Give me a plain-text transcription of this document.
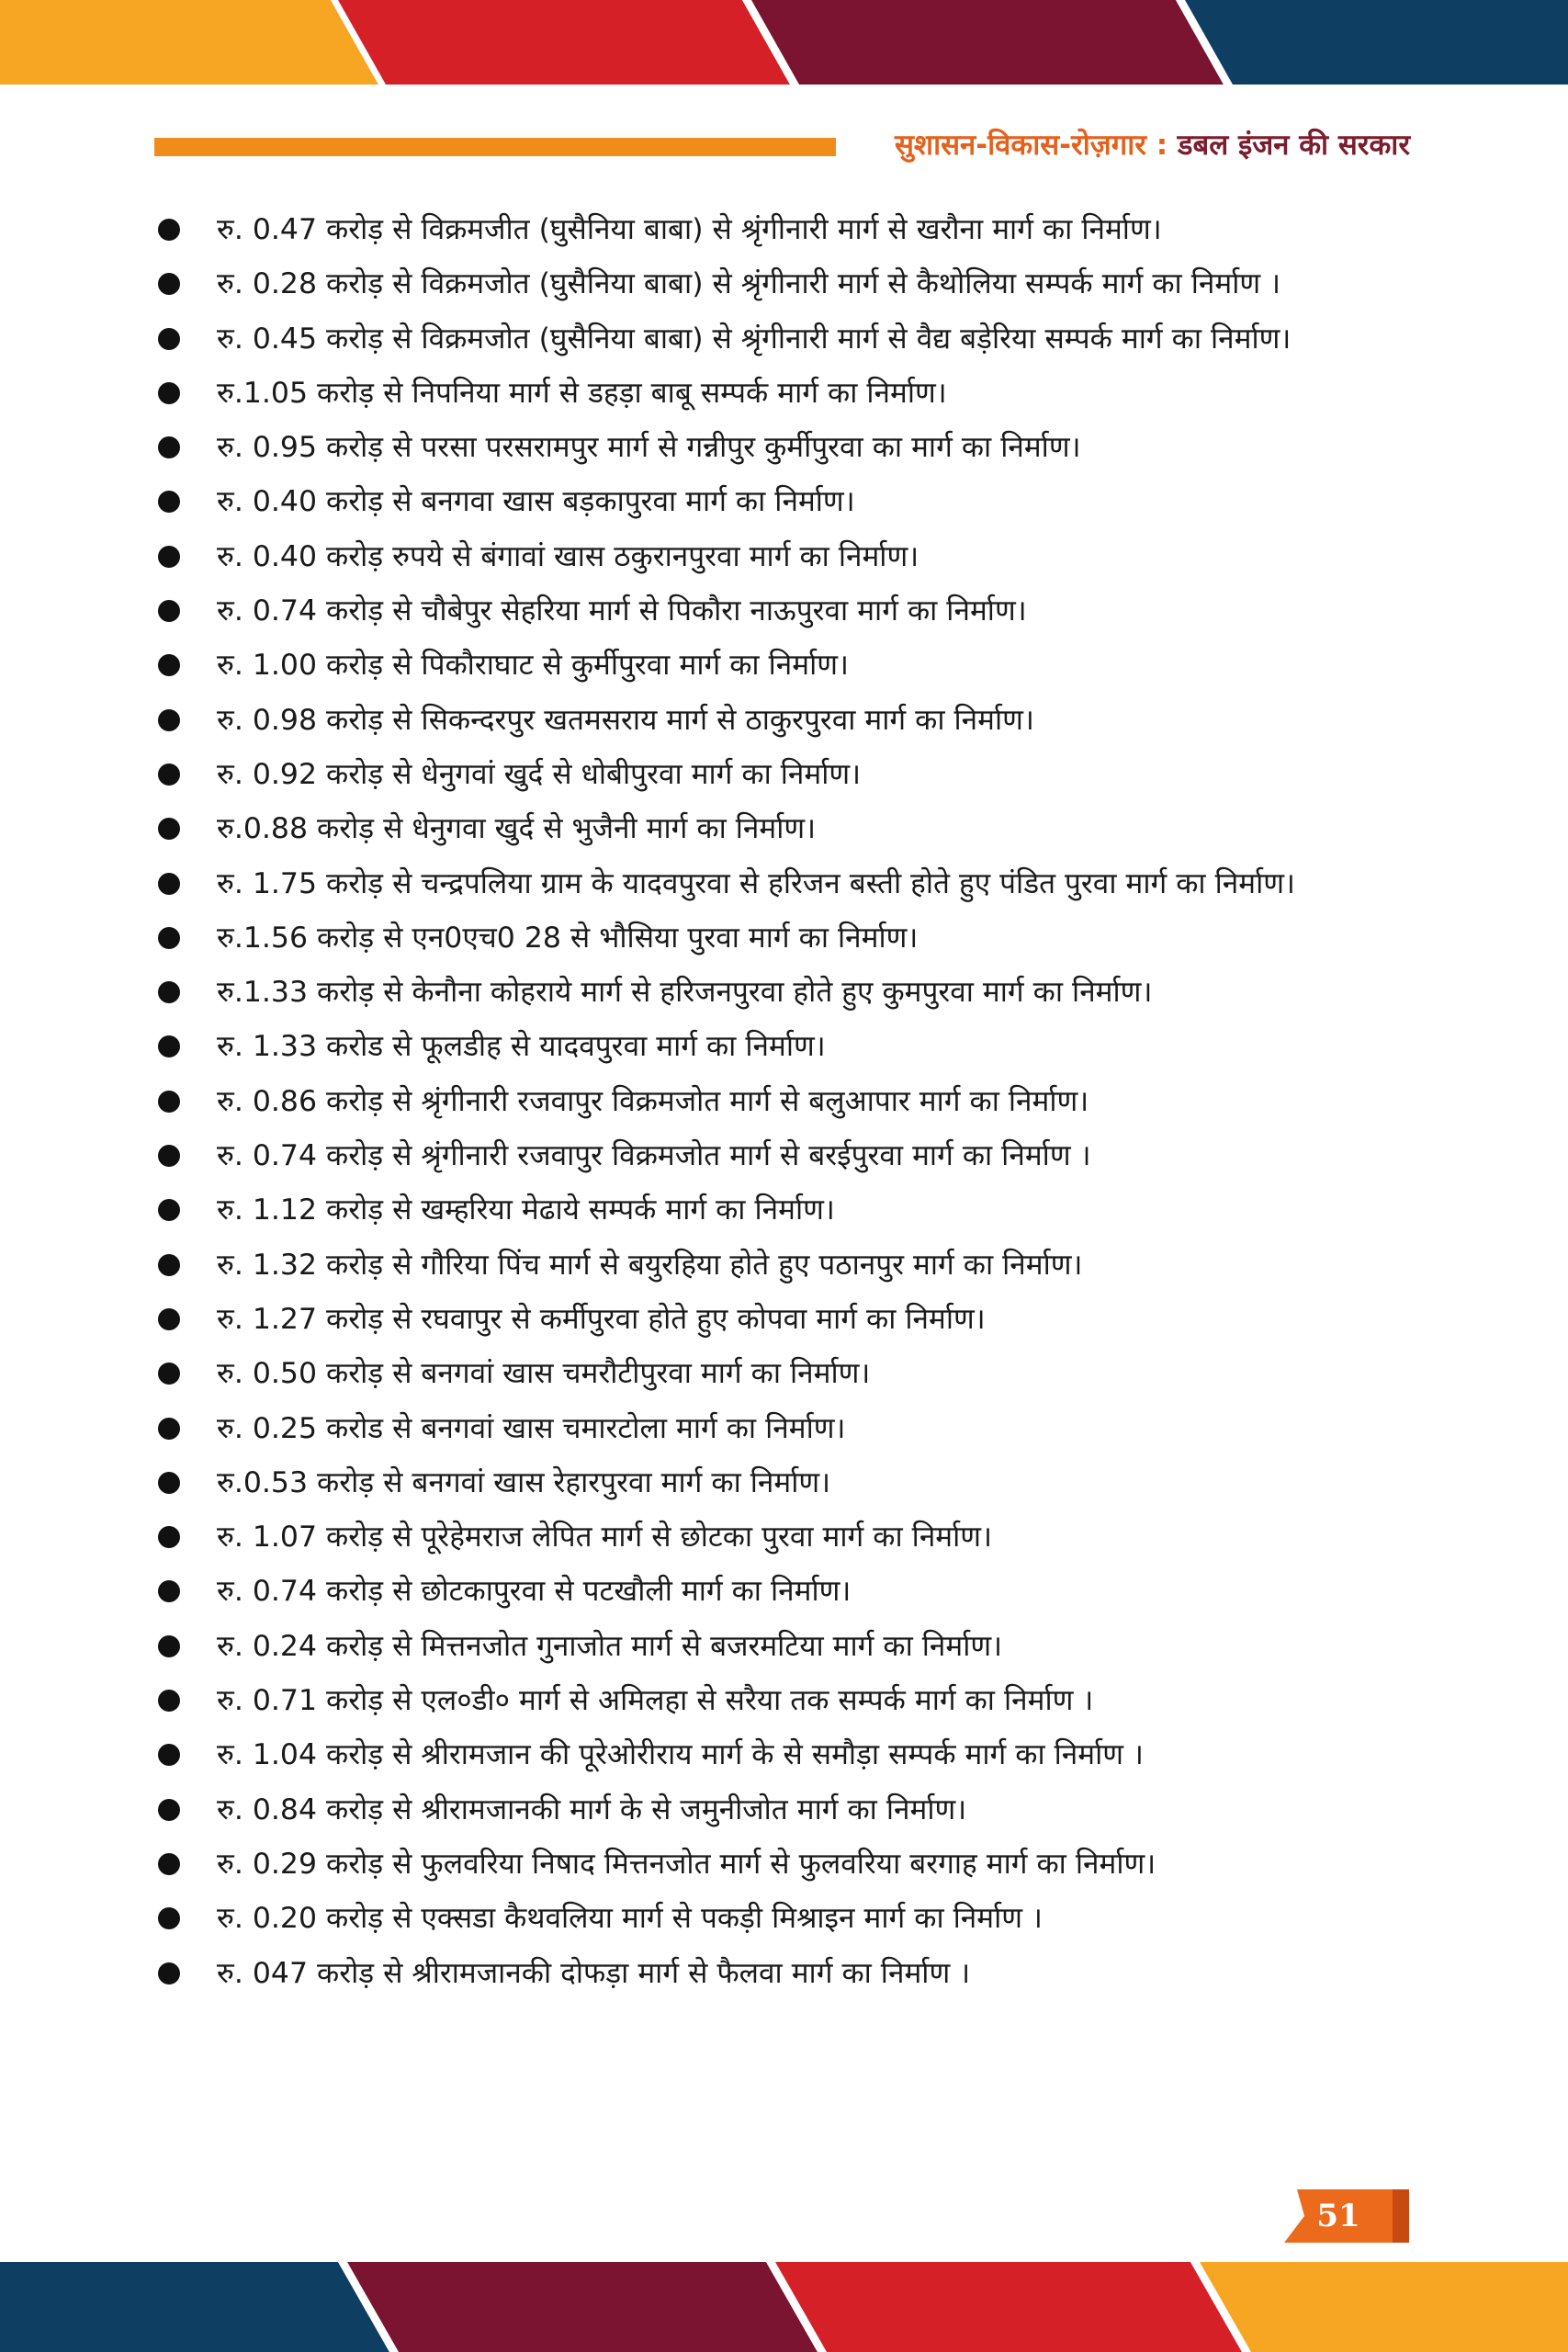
सुशासन-विकास-रोज़गार : डबल इंजन की सरकार
रु. 0.47 करोड़ से विक्रमजीत (घुसैनिया बाबा) से श्रृंगीनारी मार्ग से खरौना मार्ग का निर्माण।
रु. 0.28 करोड़ से विक्रमजोत (घुसैनिया बाबा) से श्रृंगीनारी मार्ग से कैथोलिया सम्पर्क मार्ग का निर्माण ।
रु. 0.45 करोड़ से विक्रमजोत (घुसैनिया बाबा) से श्रृंगीनारी मार्ग से वैद्य बड़ेरिया सम्पर्क मार्ग का निर्माण।
रु.1.05 करोड़ से निपनिया मार्ग से डहड़ा बाबू सम्पर्क मार्ग का निर्माण।
रु. 0.95 करोड़ से परसा परसरामपुर मार्ग से गन्नीपुर कुर्मीपुरवा का मार्ग का निर्माण।
रु. 0.40 करोड़ से बनगवा खास बड़कापुरवा मार्ग का निर्माण।
रु. 0.40 करोड़ रुपये से बंगावां खास ठकुरानपुरवा मार्ग का निर्माण।
रु. 0.74 करोड़ से चौबेपुर सेहरिया मार्ग से पिकौरा नाऊपुरवा मार्ग का निर्माण।
रु. 1.00 करोड़ से पिकौराघाट से कुर्मीपुरवा मार्ग का निर्माण।
रु. 0.98 करोड़ से सिकन्दरपुर खतमसराय मार्ग से ठाकुरपुरवा मार्ग का निर्माण।
रु. 0.92 करोड़ से धेनुगवां खुर्द से धोबीपुरवा मार्ग का निर्माण।
रु.0.88 करोड़ से धेनुगवा खुर्द से भुजैनी मार्ग का निर्माण।
रु. 1.75 करोड़ से चन्द्रपलिया ग्राम के यादवपुरवा से हरिजन बस्ती होते हुए पंडित पुरवा मार्ग का निर्माण।
रु.1.56 करोड़ से एन0एच0 28 से भौसिया पुरवा मार्ग का निर्माण।
रु.1.33 करोड़ से केनौना कोहराये मार्ग से हरिजनपुरवा होते हुए कुमपुरवा मार्ग का निर्माण।
रु. 1.33 करोड से फूलडीह से यादवपुरवा मार्ग का निर्माण।
रु. 0.86 करोड़ से श्रृंगीनारी रजवापुर विक्रमजोत मार्ग से बलुआपार मार्ग का निर्माण।
रु. 0.74 करोड़ से श्रृंगीनारी रजवापुर विक्रमजोत मार्ग से बरईपुरवा मार्ग का निर्माण ।
रु. 1.12 करोड़ से खम्हरिया मेढाये सम्पर्क मार्ग का निर्माण।
रु. 1.32 करोड़ से गौरिया पिंच मार्ग से बयुरहिया होते हुए पठानपुर मार्ग का निर्माण।
रु. 1.27 करोड़ से रघवापुर से कर्मीपुरवा होते हुए कोपवा मार्ग का निर्माण।
रु. 0.50 करोड़ से बनगवां खास चमरौटीपुरवा मार्ग का निर्माण।
रु. 0.25 करोड से बनगवां खास चमारटोला मार्ग का निर्माण।
रु.0.53 करोड़ से बनगवां खास रेहारपुरवा मार्ग का निर्माण।
रु. 1.07 करोड़ से पूरेहेमराज लेपित मार्ग से छोटका पुरवा मार्ग का निर्माण।
रु. 0.74 करोड़ से छोटकापुरवा से पटखौली मार्ग का निर्माण।
रु. 0.24 करोड़ से मित्तनजोत गुनाजोत मार्ग से बजरमटिया मार्ग का निर्माण।
रु. 0.71 करोड़ से एल०डी० मार्ग से अमिलहा से सरैया तक सम्पर्क मार्ग का निर्माण ।
रु. 1.04 करोड़ से श्रीरामजान की पूरेओरीराय मार्ग के से समौड़ा सम्पर्क मार्ग का निर्माण ।
रु. 0.84 करोड़ से श्रीरामजानकी मार्ग के से जमुनीजोत मार्ग का निर्माण।
रु. 0.29 करोड़ से फुलवरिया निषाद मित्तनजोत मार्ग से फुलवरिया बरगाह मार्ग का निर्माण।
रु. 0.20 करोड़ से एक्सडा कैथवलिया मार्ग से पकड़ी मिश्राइन मार्ग का निर्माण ।
रु. 047 करोड़ से श्रीरामजानकी दोफड़ा मार्ग से फैलवा मार्ग का निर्माण ।
51
